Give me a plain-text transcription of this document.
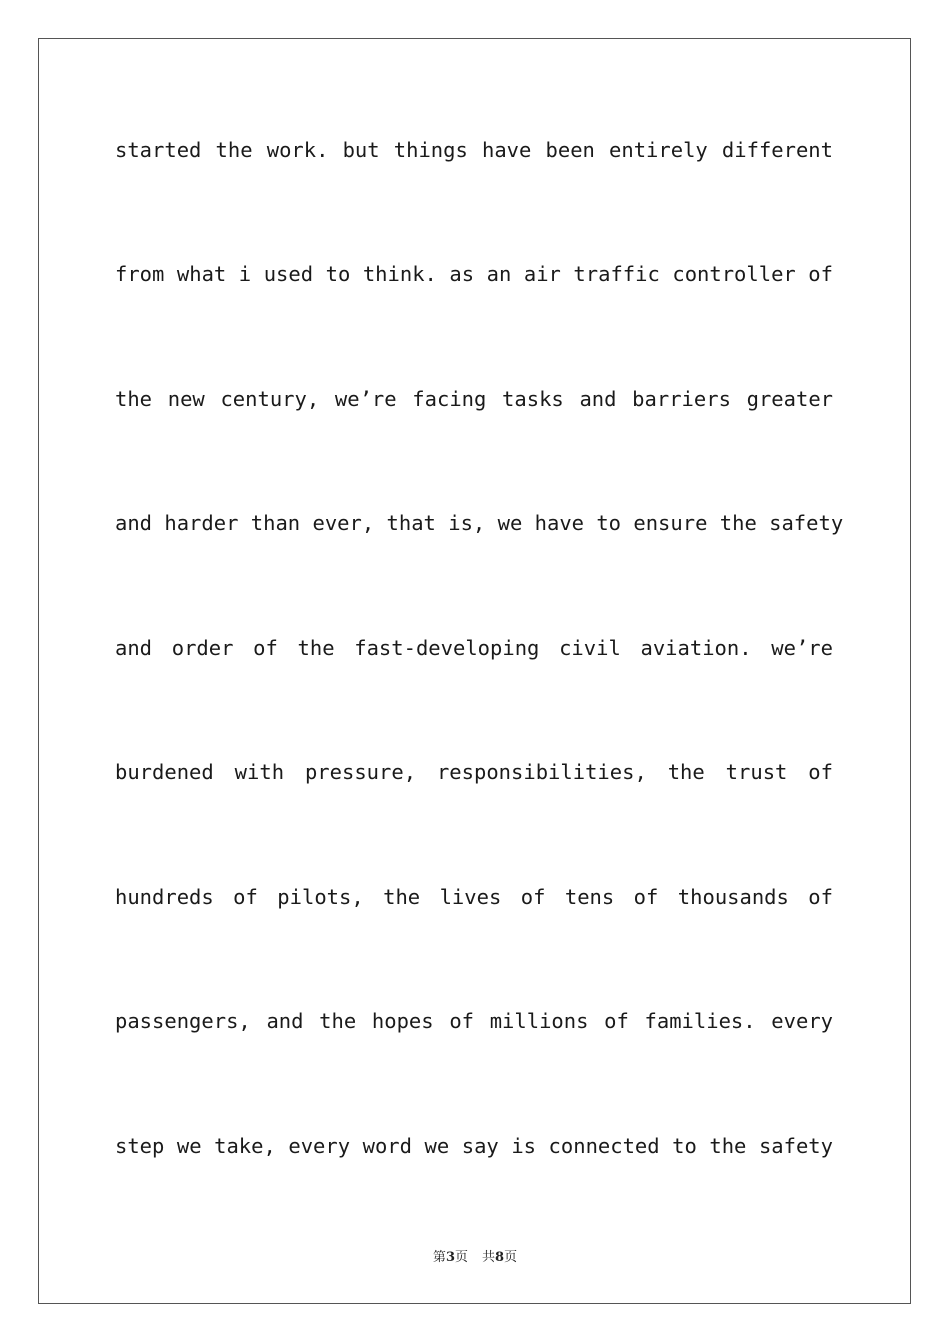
started the work. but things have been entirely different
from what i used to think. as an air traffic controller of
the new century, we’re facing tasks and barriers greater
and harder than ever, that is, we have to ensure the safety
and order of the fast-developing civil aviation. we’re
burdened with pressure, responsibilities, the trust of
hundreds of pilots, the lives of tens of thousands of
passengers, and the hopes of millions of families. every
step we take, every word we say is connected to the safety
第3页 共8页
